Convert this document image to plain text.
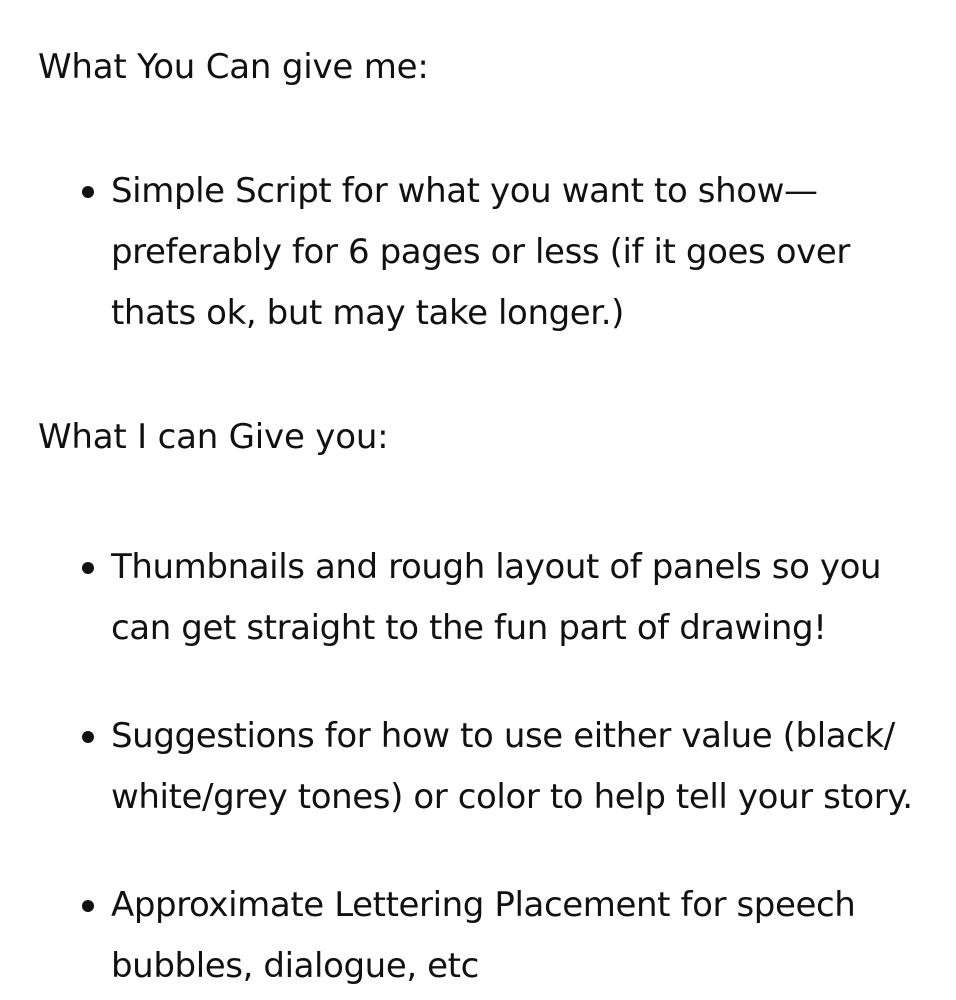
What You Can give me:
Simple Script for what you want to show— preferably for 6 pages or less (if it goes over thats ok, but may take longer.)
What I can Give you:
Thumbnails and rough layout of panels so you can get straight to the fun part of drawing!
Suggestions for how to use either value (black/ white/grey tones) or color to help tell your story.
Approximate Lettering Placement for speech bubbles, dialogue, etc
